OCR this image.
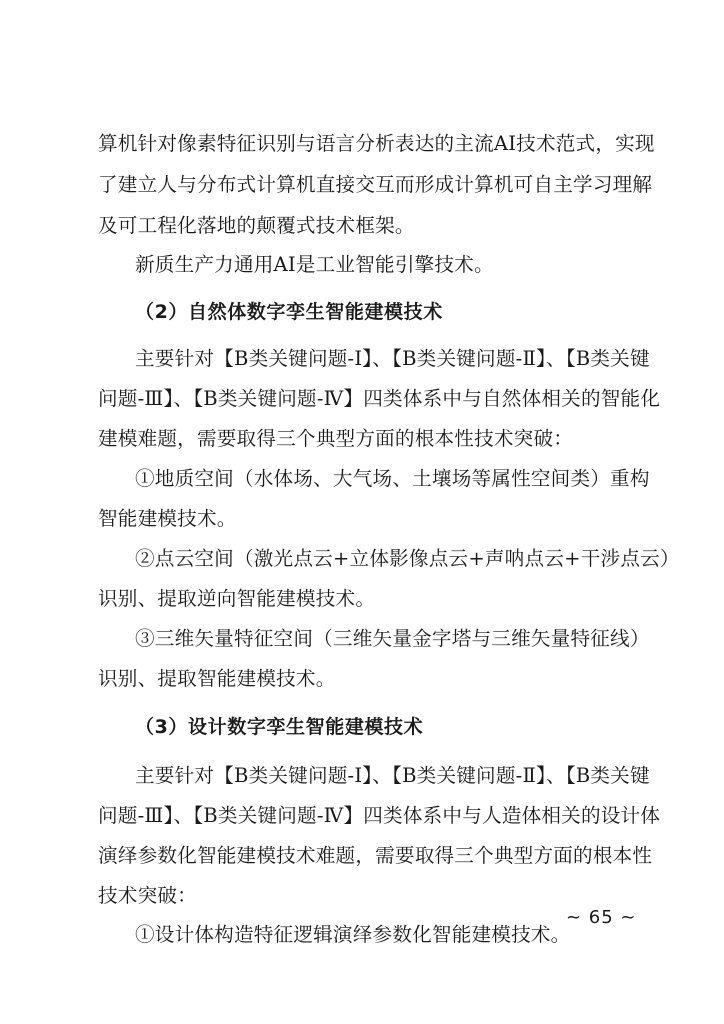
算机针对像素特征识别与语言分析表达的主流AI技术范式，实现
了建立人与分布式计算机直接交互而形成计算机可自主学习理解
及可工程化落地的颠覆式技术框架。
新质生产力通用AI是工业智能引擎技术。
（2）自然体数字孪生智能建模技术
主要针对【B类关键问题-Ⅰ】、【B类关键问题-Ⅱ】、【B类关键
问题-Ⅲ】、【B类关键问题-Ⅳ】四类体系中与自然体相关的智能化
建模难题，需要取得三个典型方面的根本性技术突破：
①地质空间（水体场、大气场、土壤场等属性空间类）重构
智能建模技术。
②点云空间（激光点云+立体影像点云+声呐点云+干涉点云）
识别、提取逆向智能建模技术。
③三维矢量特征空间（三维矢量金字塔与三维矢量特征线）
识别、提取智能建模技术。
（3）设计数字孪生智能建模技术
主要针对【B类关键问题-Ⅰ】、【B类关键问题-Ⅱ】、【B类关键
问题-Ⅲ】、【B类关键问题-Ⅳ】四类体系中与人造体相关的设计体
演绎参数化智能建模技术难题，需要取得三个典型方面的根本性
技术突破：
①设计体构造特征逻辑演绎参数化智能建模技术。
~ 65 ~
